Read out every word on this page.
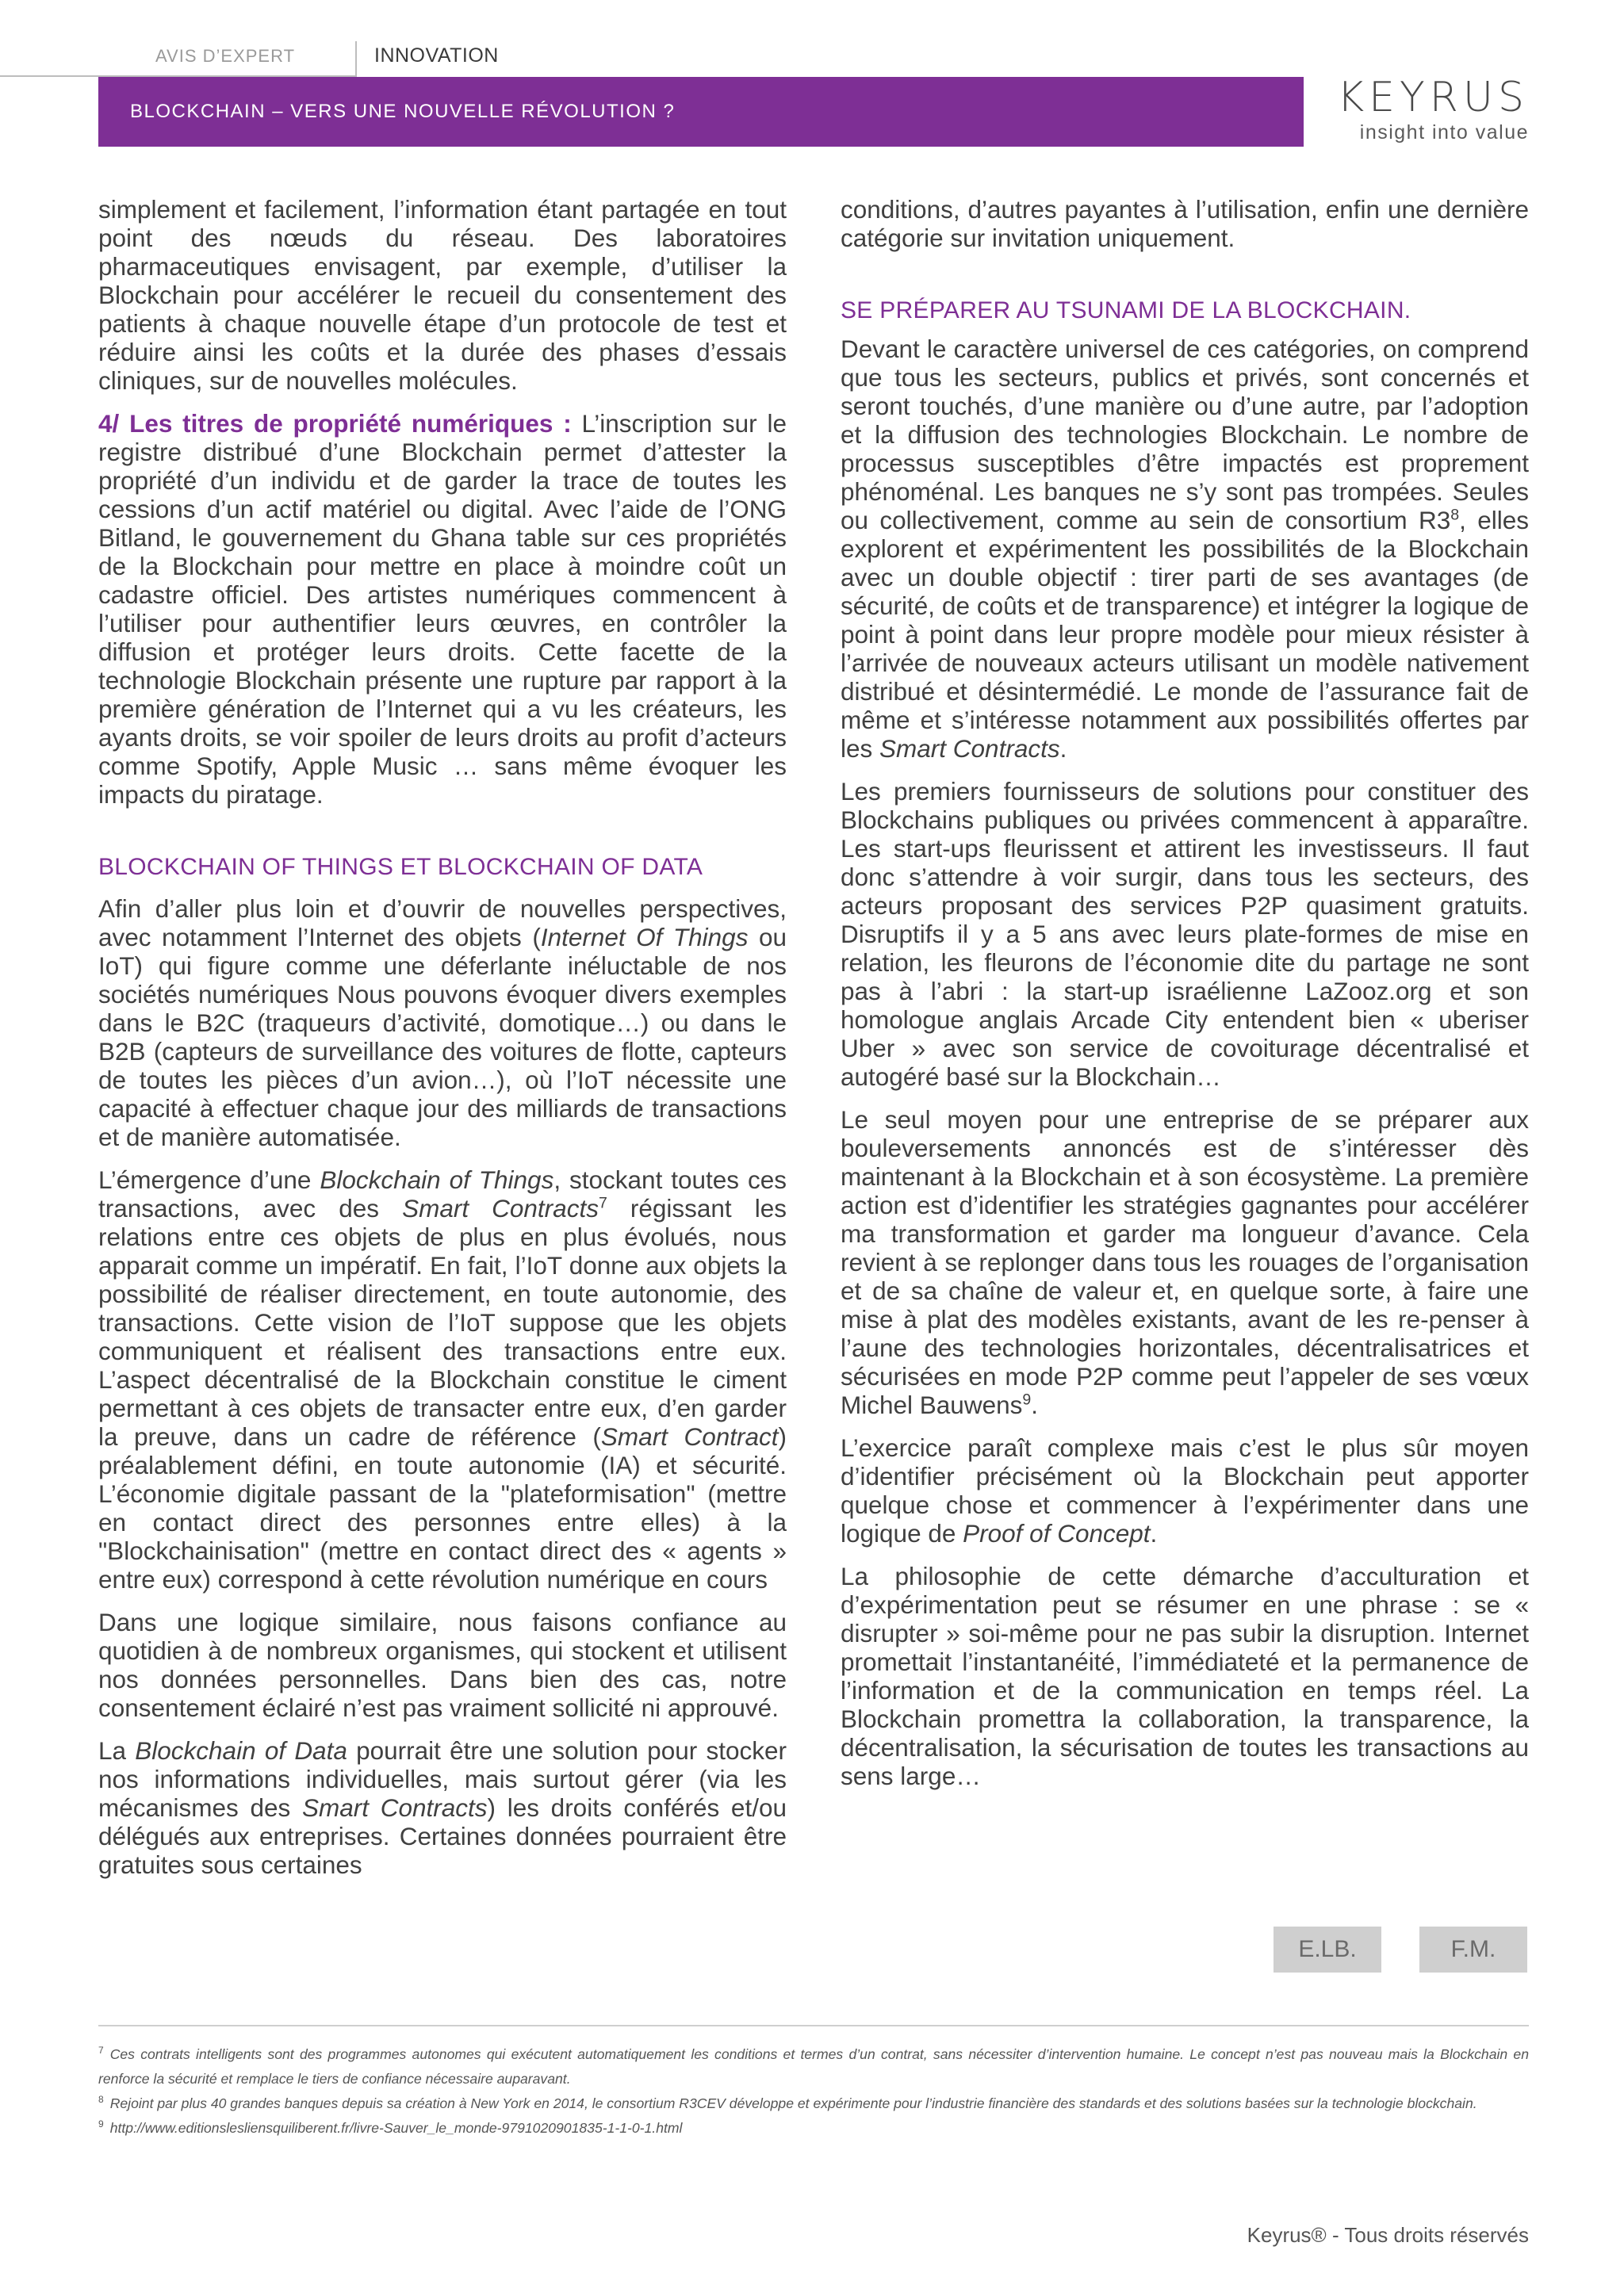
AVIS D’EXPERT	INNOVATION
BLOCKCHAIN – VERS UNE NOUVELLE RÉVOLUTION ?	KEYRUS
insight into value

simplement et facilement, l’information étant partagée en tout point des nœuds du réseau. Des laboratoires pharmaceutiques envisagent, par exemple, d’utiliser la Blockchain pour accélérer le recueil du consentement des patients à chaque nouvelle étape d’un protocole de test et réduire ainsi les coûts et la durée des phases d’essais cliniques, sur de nouvelles molécules.

4/ Les titres de propriété numériques : L’inscription sur le registre distribué d’une Blockchain permet d’attester la propriété d’un individu et de garder la trace de toutes les cessions d’un actif matériel ou digital. Avec l’aide de l’ONG Bitland, le gouvernement du Ghana table sur ces propriétés de la Blockchain pour mettre en place à moindre coût un cadastre officiel. Des artistes numériques commencent à l’utiliser pour authentifier leurs œuvres, en contrôler la diffusion et protéger leurs droits. Cette facette de la technologie Blockchain présente une rupture par rapport à la première génération de l’Internet qui a vu les créateurs, les ayants droits, se voir spoiler de leurs droits au profit d’acteurs comme Spotify, Apple Music … sans même évoquer les impacts du piratage.

BLOCKCHAIN OF THINGS ET BLOCKCHAIN OF DATA

Afin d’aller plus loin et d’ouvrir de nouvelles perspectives, avec notamment l’Internet des objets (Internet Of Things ou IoT) qui figure comme une déferlante inéluctable de nos sociétés numériques Nous pouvons évoquer divers exemples dans le B2C (traqueurs d’activité, domotique…) ou dans le B2B (capteurs de surveillance des voitures de flotte, capteurs de toutes les pièces d’un avion…), où l’IoT nécessite une capacité à effectuer chaque jour des milliards de transactions et de manière automatisée.

L’émergence d’une Blockchain of Things, stockant toutes ces transactions, avec des Smart Contracts$^7$ régissant les relations entre ces objets de plus en plus évolués, nous apparait comme un impératif. En fait, l’IoT donne aux objets la possibilité de réaliser directement, en toute autonomie, des transactions. Cette vision de l’IoT suppose que les objets communiquent et réalisent des transactions entre eux. L’aspect décentralisé de la Blockchain constitue le ciment permettant à ces objets de transacter entre eux, d’en garder la preuve, dans un cadre de référence (Smart Contract) préalablement défini, en toute autonomie (IA) et sécurité. L’économie digitale passant de la "plateformisation" (mettre en contact direct des personnes entre elles) à la "Blockchainisation" (mettre en contact direct des « agents » entre eux) correspond à cette révolution numérique en cours

Dans une logique similaire, nous faisons confiance au quotidien à de nombreux organismes, qui stockent et utilisent nos données personnelles. Dans bien des cas, notre consentement éclairé n’est pas vraiment sollicité ni approuvé.

La Blockchain of Data pourrait être une solution pour stocker nos informations individuelles, mais surtout gérer (via les mécanismes des Smart Contracts) les droits conférés et/ou délégués aux entreprises. Certaines données pourraient être gratuites sous certaines

conditions, d’autres payantes à l’utilisation, enfin une dernière catégorie sur invitation uniquement.

SE PRÉPARER AU TSUNAMI DE LA BLOCKCHAIN.

Devant le caractère universel de ces catégories, on comprend que tous les secteurs, publics et privés, sont concernés et seront touchés, d’une manière ou d’une autre, par l’adoption et la diffusion des technologies Blockchain. Le nombre de processus susceptibles d’être impactés est proprement phénoménal. Les banques ne s’y sont pas trompées. Seules ou collectivement, comme au sein de consortium $R3^8$, elles explorent et expérimentent les possibilités de la Blockchain avec un double objectif : tirer parti de ses avantages (de sécurité, de coûts et de transparence) et intégrer la logique de point à point dans leur propre modèle pour mieux résister à l’arrivée de nouveaux acteurs utilisant un modèle nativement distribué et désintermédié. Le monde de l’assurance fait de même et s’intéresse notamment aux possibilités offertes par les Smart Contracts.

Les premiers fournisseurs de solutions pour constituer des Blockchains publiques ou privées commencent à apparaître. Les start-ups fleurissent et attirent les investisseurs. Il faut donc s’attendre à voir surgir, dans tous les secteurs, des acteurs proposant des services P2P quasiment gratuits. Disruptifs il y a 5 ans avec leurs plate-formes de mise en relation, les fleurons de l’économie dite du partage ne sont pas à l’abri : la start-up israélienne LaZooz.org et son homologue anglais Arcade City entendent bien « uberiser Uber » avec son service de covoiturage décentralisé et autogéré basé sur la Blockchain…

Le seul moyen pour une entreprise de se préparer aux bouleversements annoncés est de s’intéresser dès maintenant à la Blockchain et à son écosystème. La première action est d’identifier les stratégies gagnantes pour accélérer ma transformation et garder ma longueur d’avance. Cela revient à se replonger dans tous les rouages de l’organisation et de sa chaîne de valeur et, en quelque sorte, à faire une mise à plat des modèles existants, avant de les re-penser à l’aune des technologies horizontales, décentralisatrices et sécurisées en mode P2P comme peut l’appeler de ses vœux Michel Bauwens$^9$.

L’exercice paraît complexe mais c’est le plus sûr moyen d’identifier précisément où la Blockchain peut apporter quelque chose et commencer à l’expérimenter dans une logique de Proof of Concept.

La philosophie de cette démarche d’acculturation et d’expérimentation peut se résumer en une phrase : se « disrupter » soi-même pour ne pas subir la disruption. Internet promettait l’instantanéité, l’immédiateté et la permanence de l’information et de la communication en temps réel. La Blockchain promettra la collaboration, la transparence, la décentralisation, la sécurisation de toutes les transactions au sens large…

E.LB.	F.M.

$^7$ Ces contrats intelligents sont des programmes autonomes qui exécutent automatiquement les conditions et termes d’un contrat, sans nécessiter d’intervention humaine. Le concept n’est pas nouveau mais la Blockchain en renforce la sécurité et remplace le tiers de confiance nécessaire auparavant.

$^8$ Rejoint par plus 40 grandes banques depuis sa création à New York en 2014, le consortium R3CEV développe et expérimente pour l’industrie financière des standards et des solutions basées sur la technologie blockchain.

$^9$ http://www.editionslesliensquiliberent.fr/livre-Sauver_le_monde-9791020901835-1-1-0-1.html

Keyrus® - Tous droits réservés
